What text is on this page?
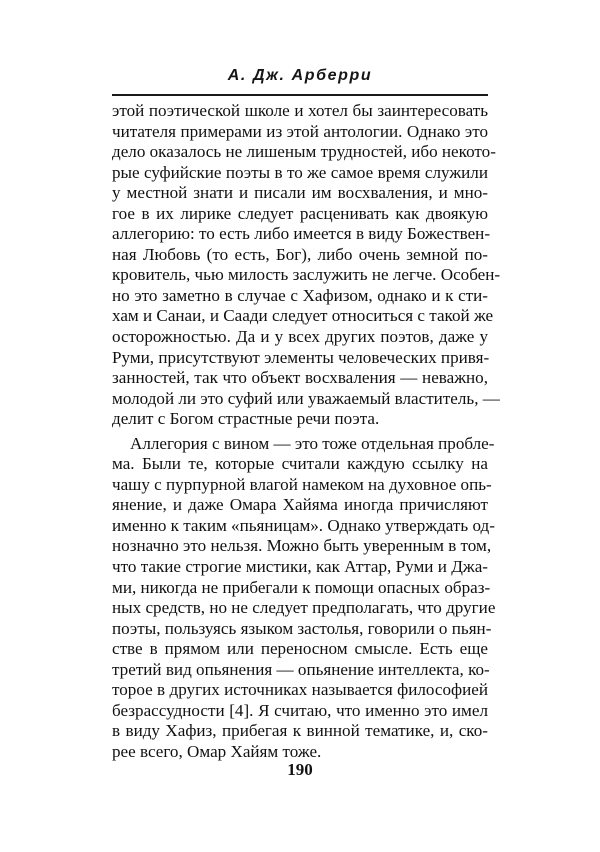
А. Дж. Арберри
этой поэтической школе и хотел бы заинтересовать
читателя примерами из этой антологии. Однако это
дело оказалось не лишеным трудностей, ибо некото-
рые суфийские поэты в то же самое время служили
у местной знати и писали им восхваления, и мно-
гое в их лирике следует расценивать как двоякую
аллегорию: то есть либо имеется в виду Божествен-
ная Любовь (то есть, Бог), либо очень земной по-
кровитель, чью милость заслужить не легче. Особен-
но это заметно в случае с Хафизом, однако и к сти-
хам и Санаи, и Саади следует относиться с такой же
осторожностью. Да и у всех других поэтов, даже у
Руми, присутствуют элементы человеческих привя-
занностей, так что объект восхваления — неважно,
молодой ли это суфий или уважаемый властитель, —
делит с Богом страстные речи поэта.
Аллегория с вином — это тоже отдельная пробле-
ма. Были те, которые считали каждую ссылку на
чашу с пурпурной влагой намеком на духовное опь-
янение, и даже Омара Хайяма иногда причисляют
именно к таким «пьяницам». Однако утверждать од-
нозначно это нельзя. Можно быть уверенным в том,
что такие строгие мистики, как Аттар, Руми и Джа-
ми, никогда не прибегали к помощи опасных образ-
ных средств, но не следует предполагать, что другие
поэты, пользуясь языком застолья, говорили о пьян-
стве в прямом или переносном смысле. Есть еще
третий вид опьянения — опьянение интеллекта, ко-
торое в других источниках называется философией
безрассудности [4]. Я считаю, что именно это имел
в виду Хафиз, прибегая к винной тематике, и, ско-
рее всего, Омар Хайям тоже.
190
